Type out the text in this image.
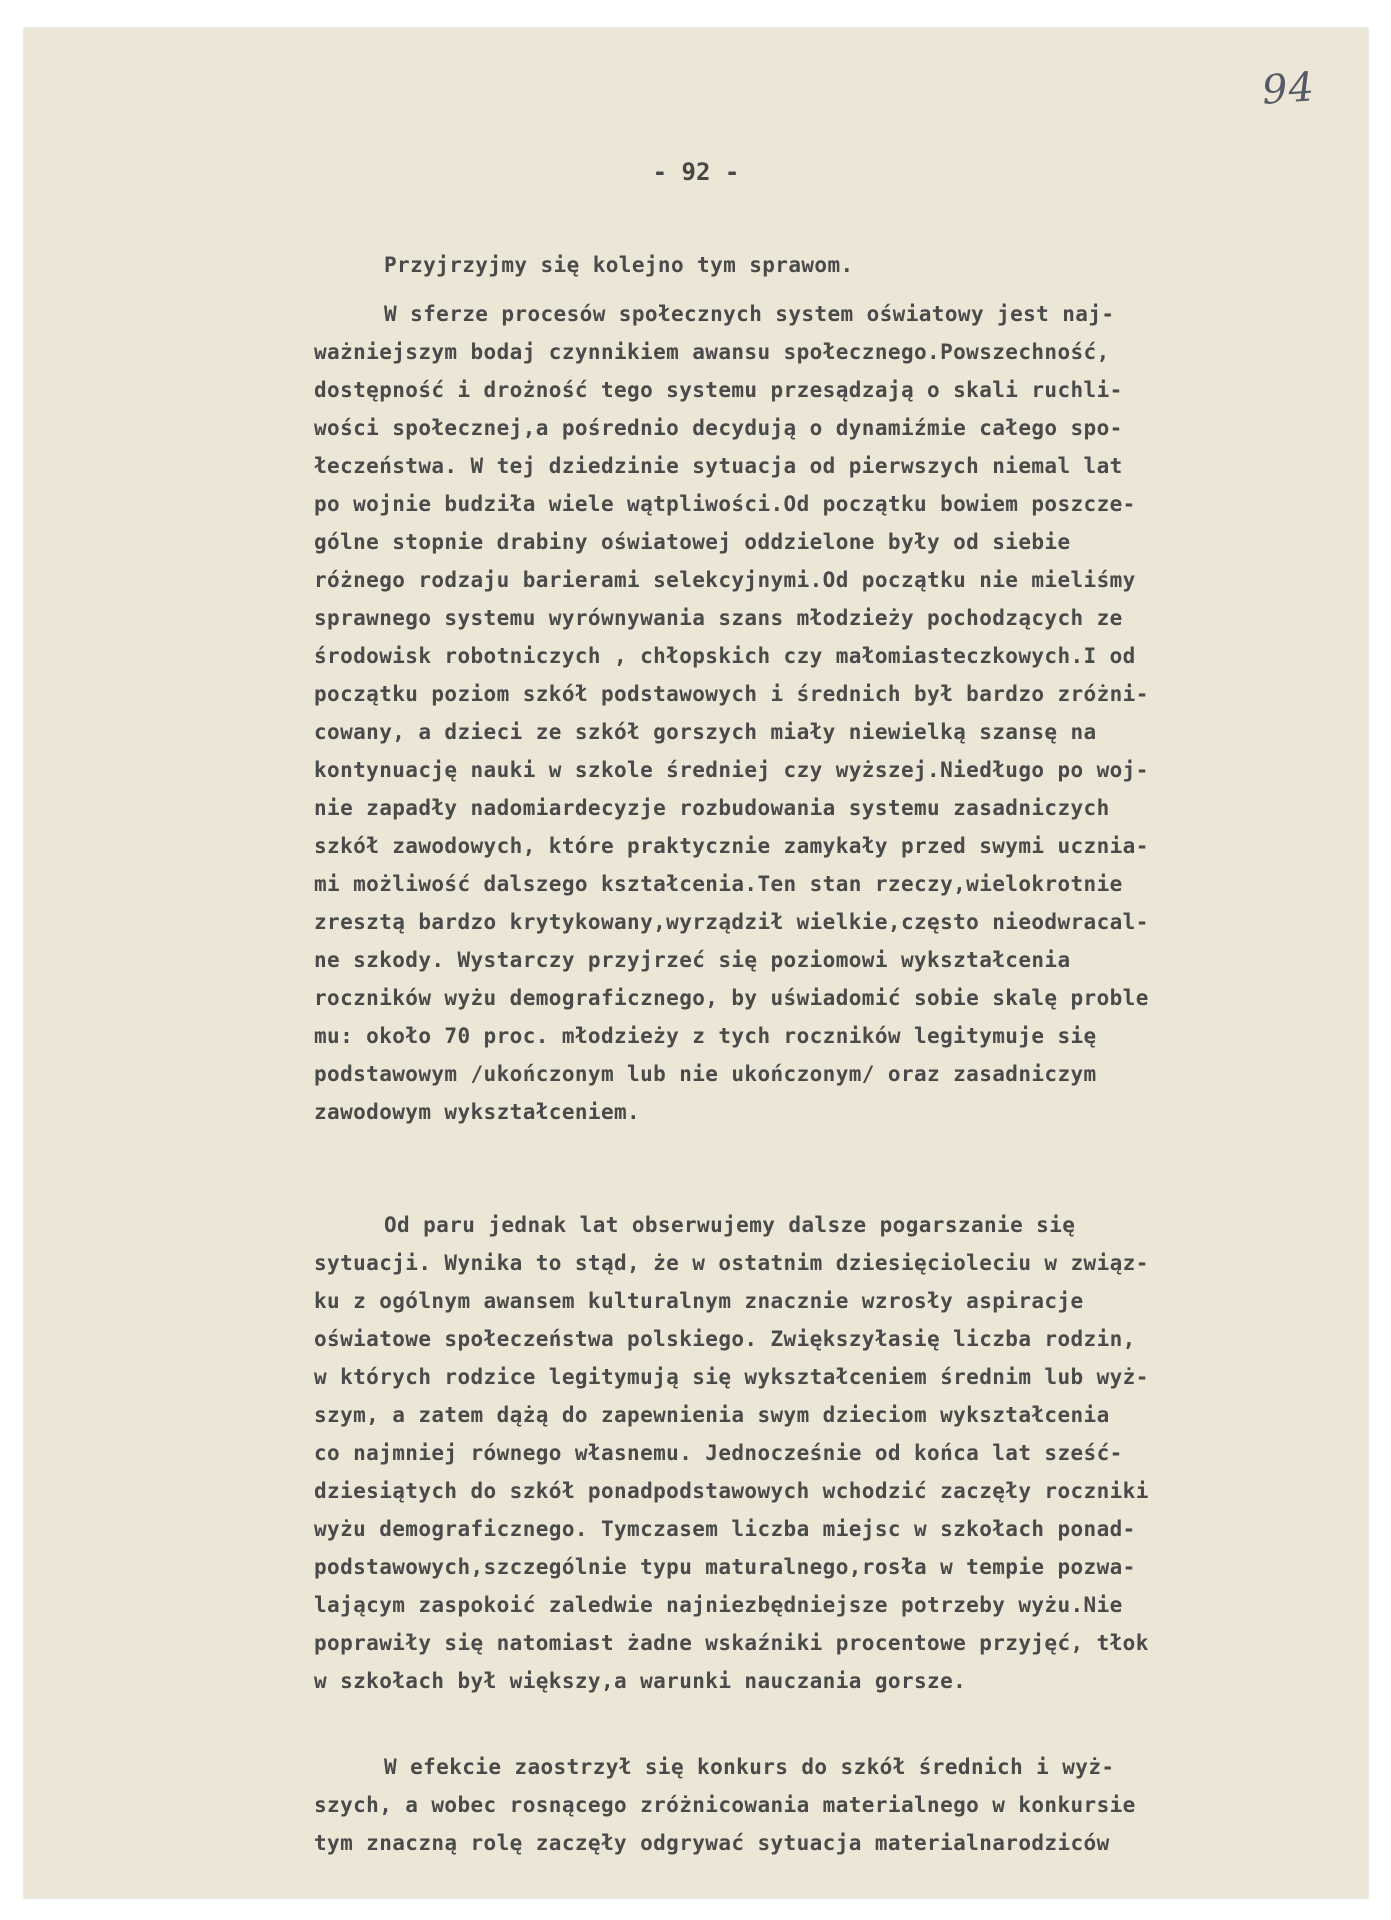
94
- 92 -
Przyjrzyjmy się kolejno tym sprawom.
W sferze procesów społecznych system oświatowy jest naj-
ważniejszym bodaj czynnikiem awansu społecznego.Powszechność,
dostępność i drożność tego systemu przesądzają o skali ruchli-
wości społecznej,a pośrednio decydują o dynamiźmie całego spo-
łeczeństwa. W tej dziedzinie sytuacja od pierwszych niemal lat
po wojnie budziła wiele wątpliwości.Od początku bowiem poszcze-
gólne stopnie drabiny oświatowej oddzielone były od siebie
różnego rodzaju barierami selekcyjnymi.Od początku nie mieliśmy
sprawnego systemu wyrównywania szans młodzieży pochodzących ze
środowisk robotniczych , chłopskich czy małomiasteczkowych.I od
początku poziom szkół podstawowych i średnich był bardzo zróżni-
cowany, a dzieci ze szkół gorszych miały niewielką szansę na
kontynuację nauki w szkole średniej czy wyższej.Niedługo po woj-
nie zapadły nadomiardecyzje rozbudowania systemu zasadniczych
szkół zawodowych, które praktycznie zamykały przed swymi uczniа-
mi możliwość dalszego kształcenia.Ten stan rzeczy,wielokrotnie
zresztą bardzo krytykowany,wyrządził wielkie,często nieodwracal-
ne szkody. Wystarczy przyjrzeć się poziomowi wykształcenia
roczników wyżu demograficznego, by uświadomić sobie skalę proble
mu: około 70 proc. młodzieży z tych roczników legitymuje się
podstawowym /ukończonym lub nie ukończonym/ oraz zasadniczym
zawodowym wykształceniem.
Od paru jednak lat obserwujemy dalsze pogarszanie się
sytuacji. Wynika to stąd, że w ostatnim dziesięcioleciu w związ-
ku z ogólnym awansem kulturalnym znacznie wzrosły aspiracje
oświatowe społeczeństwa polskiego. Zwiększyłasię liczba rodzin,
w których rodzice legitymują się wykształceniem średnim lub wyż-
szym, a zatem dążą do zapewnienia swym dzieciom wykształcenia
co najmniej równego własnemu. Jednocześnie od końca lat sześć-
dziesiątych do szkół ponadpodstawowych wchodzić zaczęły roczniki
wyżu demograficznego. Tymczasem liczba miejsc w szkołach ponad-
podstawowych,szczególnie typu maturalnego,rosła w tempie pozwa-
lającym zaspokoić zaledwie najniezbędniejsze potrzeby wyżu.Nie
poprawiły się natomiast żadne wskaźniki procentowe przyjęć, tłok
w szkołach był większy,a warunki nauczania gorsze.
W efekcie zaostrzył się konkurs do szkół średnich i wyż-
szych, a wobec rosnącego zróżnicowania materialnego w konkursie
tym znaczną rolę zaczęły odgrywać sytuacja materialnarodziców
